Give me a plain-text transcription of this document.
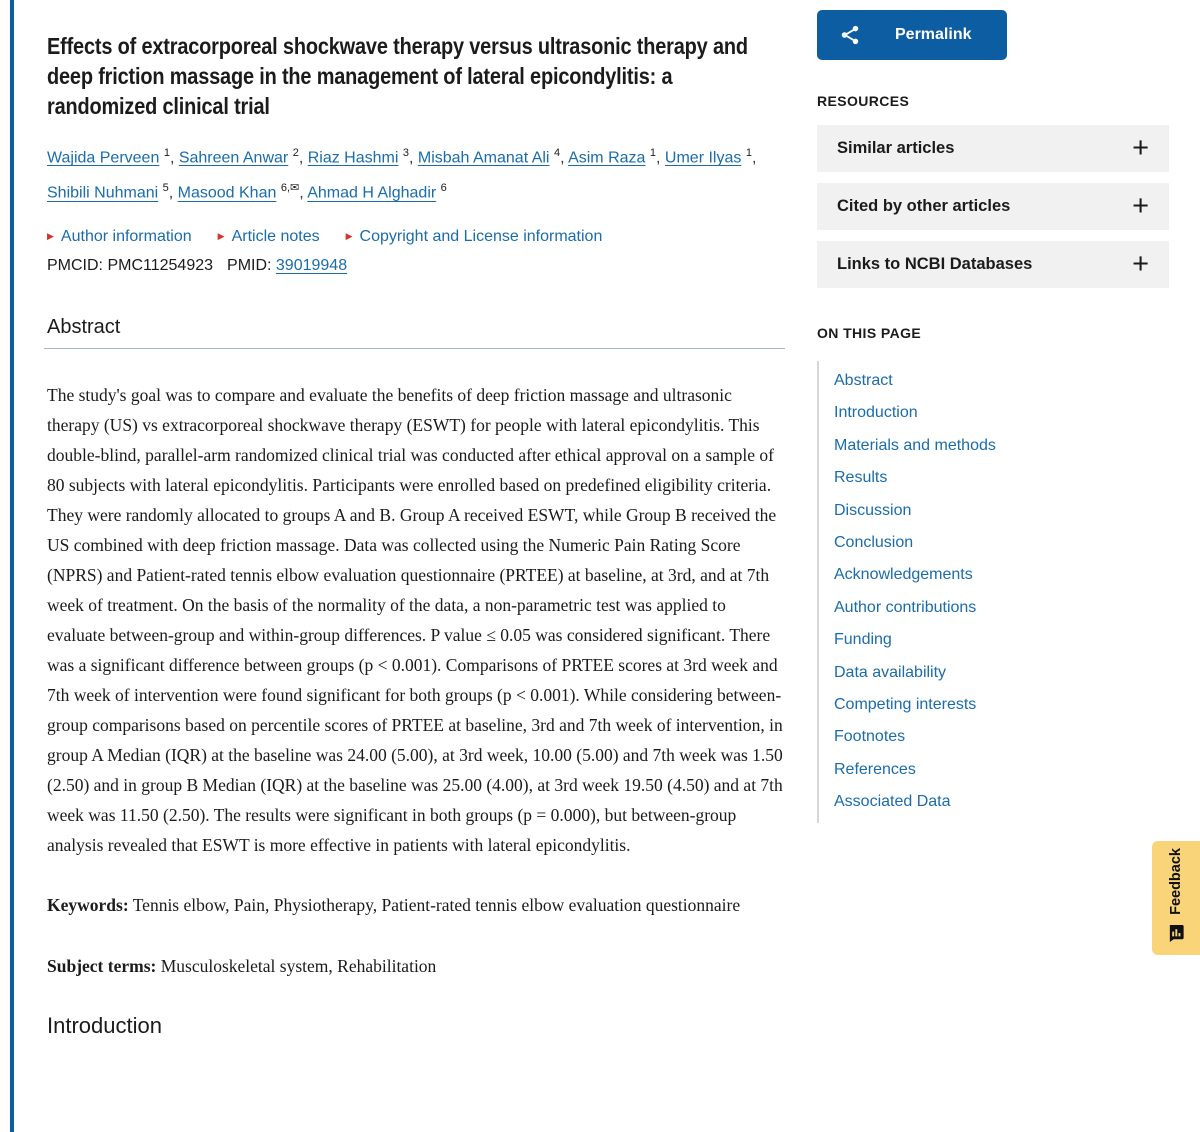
Effects of extracorporeal shockwave therapy versus ultrasonic therapy and deep friction massage in the management of lateral epicondylitis: a randomized clinical trial

Wajida Perveen $^1$, Sahreen Anwar $^2$, Riaz Hashmi $^3$, Misbah Amanat Ali $^4$, Asim Raza $^1$, Umer Ilyas $^1$, Shibili Nuhmani $^5$, Masood Khan $^{6,✉}$, Ahmad H Alghadir $^6$

▶ Author information	▶ Article notes	▶ Copyright and License information

PMCID: PMC11254923 PMID: 39019948

Abstract

The study's goal was to compare and evaluate the benefits of deep friction massage and ultrasonic therapy (US) vs extracorporeal shockwave therapy (ESWT) for people with lateral epicondylitis. This double-blind, parallel-arm randomized clinical trial was conducted after ethical approval on a sample of 80 subjects with lateral epicondylitis. Participants were enrolled based on predefined eligibility criteria. They were randomly allocated to groups A and B. Group A received ESWT, while Group B received the US combined with deep friction massage. Data was collected using the Numeric Pain Rating Score (NPRS) and Patient-rated tennis elbow evaluation questionnaire (PRTEE) at baseline, at 3rd, and at 7th week of treatment. On the basis of the normality of the data, a non-parametric test was applied to evaluate between-group and within-group differences. P value ≤ 0.05 was considered significant. There was a significant difference between groups (p < 0.001). Comparisons of PRTEE scores at 3rd week and 7th week of intervention were found significant for both groups (p < 0.001). While considering between-group comparisons based on percentile scores of PRTEE at baseline, 3rd and 7th week of intervention, in group A Median (IQR) at the baseline was 24.00 (5.00), at 3rd week, 10.00 (5.00) and 7th week was 1.50 (2.50) and in group B Median (IQR) at the baseline was 25.00 (4.00), at 3rd week 19.50 (4.50) and at 7th week was 11.50 (2.50). The results were significant in both groups (p = 0.000), but between-group analysis revealed that ESWT is more effective in patients with lateral epicondylitis.

Keywords: Tennis elbow, Pain, Physiotherapy, Patient-rated tennis elbow evaluation questionnaire

Subject terms: Musculoskeletal system, Rehabilitation

Introduction
Permalink
RESOURCES
Similar articles	+
Cited by other articles	+
Links to NCBI Databases	+
ON THIS PAGE
Abstract
Introduction
Materials and methods
Results
Discussion
Conclusion
Acknowledgements
Author contributions
Funding
Data availability
Competing interests
Footnotes
References
Associated Data
Feedback
